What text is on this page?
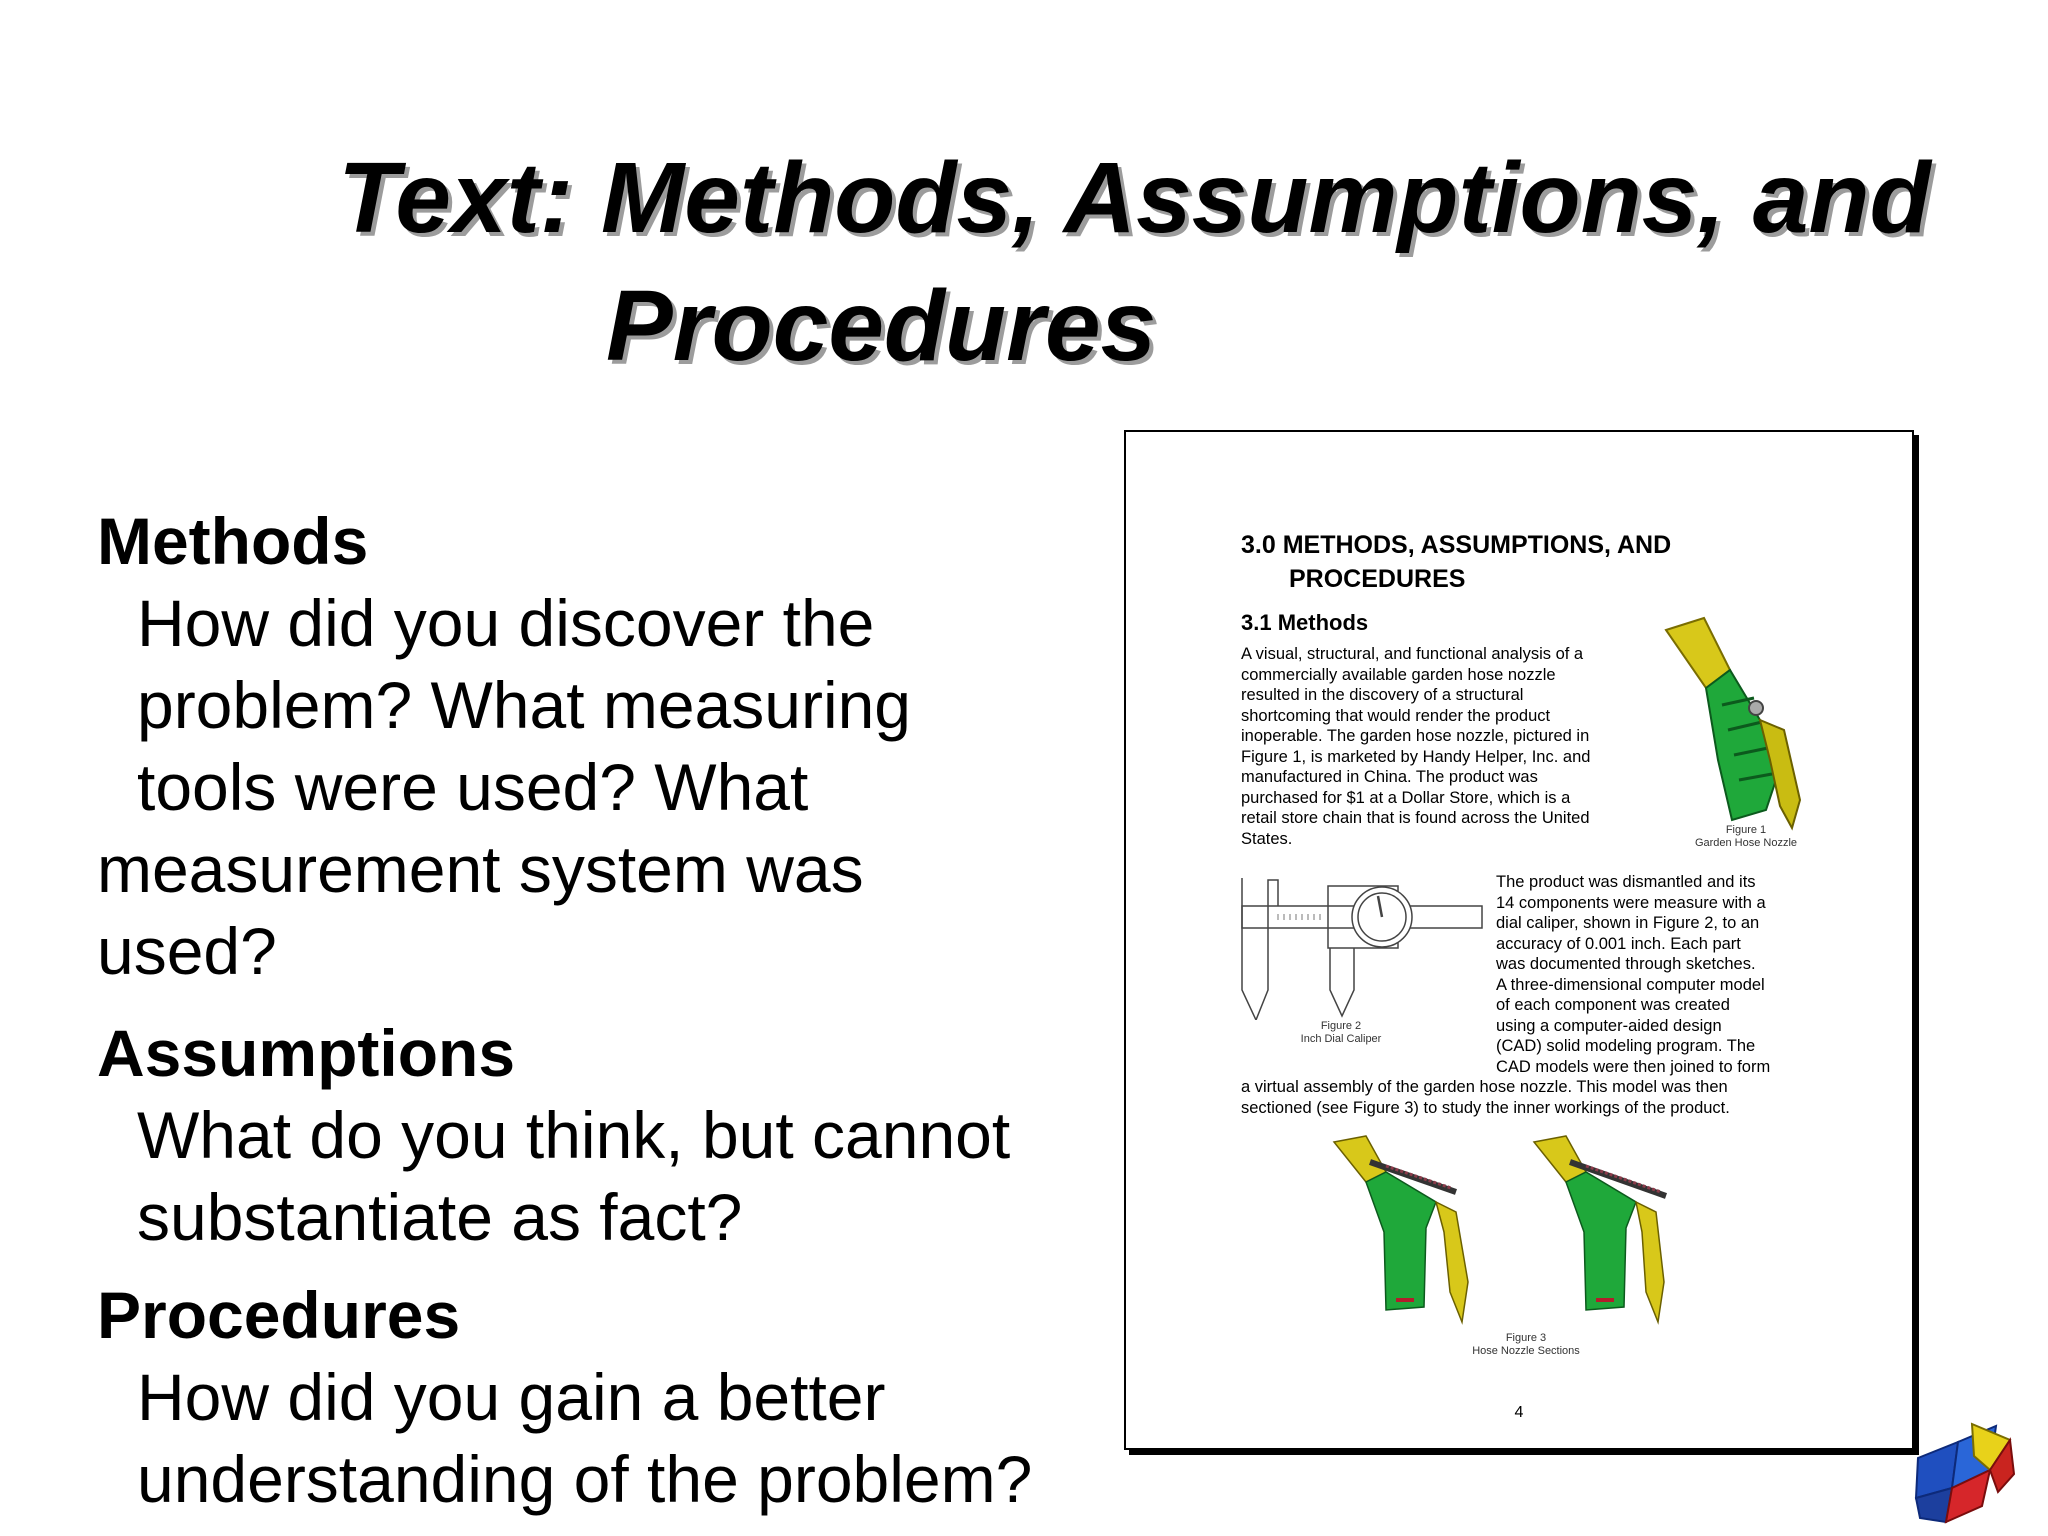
Text: Methods, Assumptions, and
Procedures
Methods
How did you discover the
problem? What measuring
tools were used? What
measurement system was
used?
Assumptions
What do you think, but cannot
substantiate as fact?
Procedures
How did you gain a better
understanding of the problem?
3.0 METHODS, ASSUMPTIONS, AND
PROCEDURES
3.1 Methods
A visual, structural, and functional analysis of a
commercially available garden hose nozzle
resulted in the discovery of a structural
shortcoming that would render the product
inoperable. The garden hose nozzle, pictured in
Figure 1, is marketed by Handy Helper, Inc. and
manufactured in China. The product was
purchased for $1 at a Dollar Store, which is a
retail store chain that is found across the United
States.	Figure 1
Garden Hose Nozzle
Figure 2
Inch Dial Caliper
The product was dismantled and its
14 components were measure with a
dial caliper, shown in Figure 2, to an
accuracy of 0.001 inch. Each part
was documented through sketches.
A three-dimensional computer model
of each component was created
using a computer-aided design
(CAD) solid modeling program. The
CAD models were then joined to form
a virtual assembly of the garden hose nozzle. This model was then
sectioned (see Figure 3) to study the inner workings of the product.
Figure 3
Hose Nozzle Sections
4
